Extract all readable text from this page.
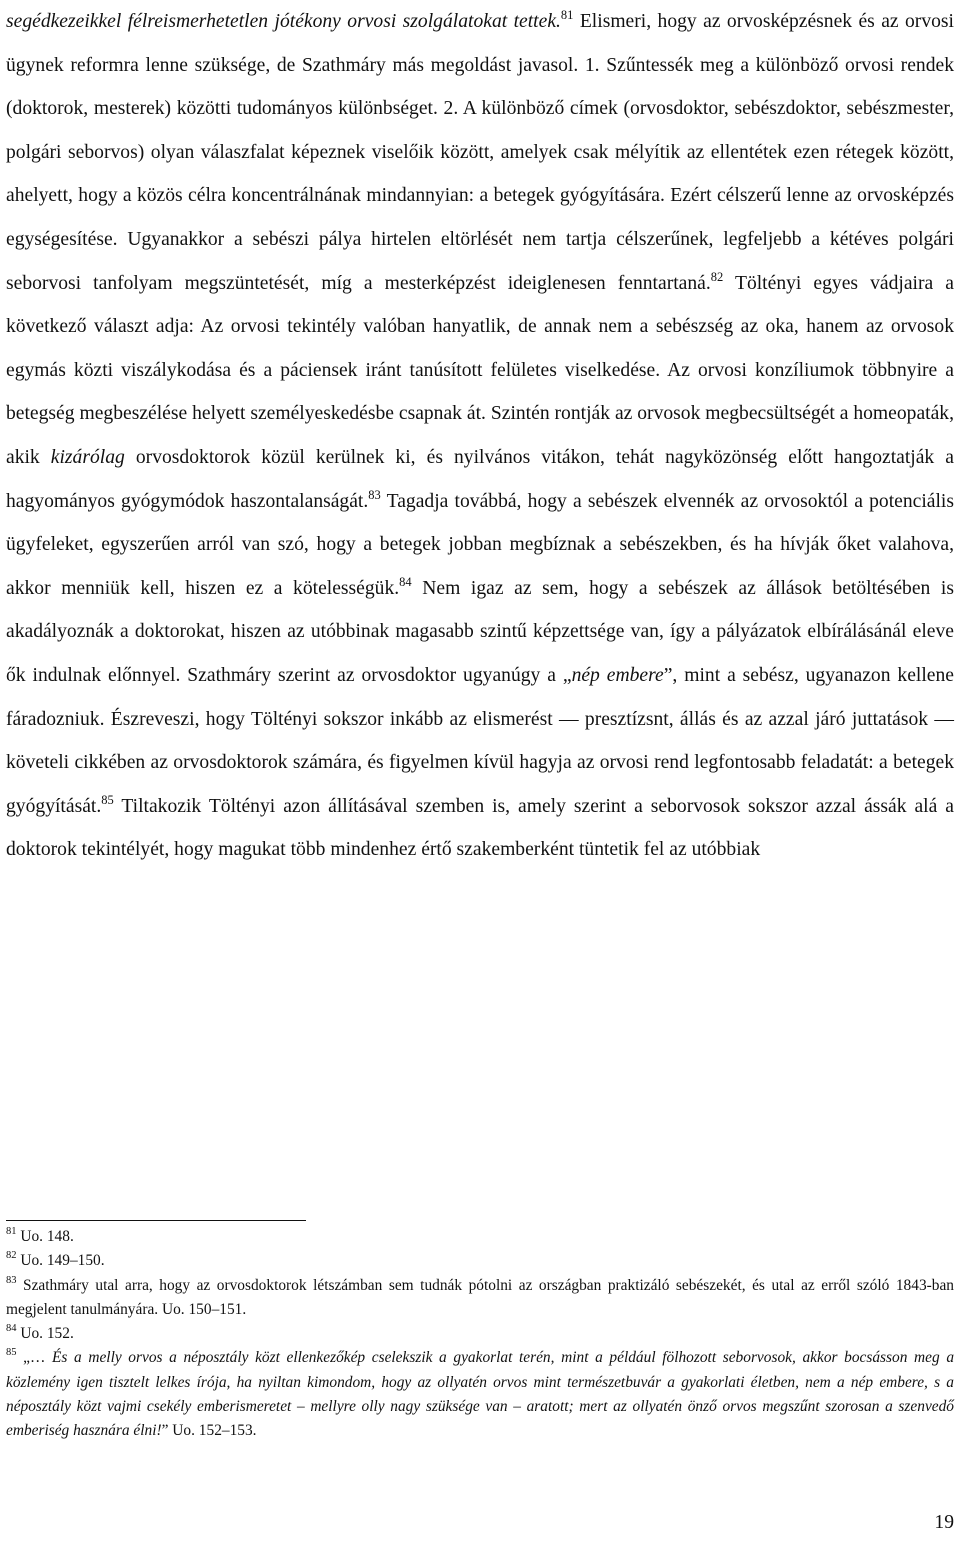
segédkezeikkel félreismerhetetlen jótékony orvosi szolgálatokat tettek.$^{81}$ Elismeri, hogy az orvosképzésnek és az orvosi ügynek reformra lenne szüksége, de Szathmáry más megoldást javasol. 1. Szűntessék meg a különböző orvosi rendek (doktorok, mesterek) közötti tudományos különbséget. 2. A különböző címek (orvosdoktor, sebészdoktor, sebészmester, polgári seborvos) olyan válaszfalat képeznek viselőik között, amelyek csak mélyítik az ellentétek ezen rétegek között, ahelyett, hogy a közös célra koncentrálnának mindannyian: a betegek gyógyítására. Ezért célszerű lenne az orvosképzés egységesítése. Ugyanakkor a sebészi pálya hirtelen eltörlését nem tartja célszerűnek, legfeljebb a kétéves polgári seborvosi tanfolyam megszüntetését, míg a mesterképzést ideiglenesen fenntartaná.$^{82}$ Töltényi egyes vádjaira a következő választ adja: Az orvosi tekintély valóban hanyatlik, de annak nem a sebészség az oka, hanem az orvosok egymás közti viszálykodása és a páciensek iránt tanúsított felületes viselkedése. Az orvosi konzíliumok többnyire a betegség megbeszélése helyett személyeskedésbe csapnak át. Szintén rontják az orvosok megbecsültségét a homeopaták, akik kizárólag orvosdoktorok közül kerülnek ki, és nyilvános vitákon, tehát nagyközönség előtt hangoztatják a hagyományos gyógymódok haszontalanságát.$^{83}$ Tagadja továbbá, hogy a sebészek elvennék az orvosoktól a potenciális ügyfeleket, egyszerűen arról van szó, hogy a betegek jobban megbíznak a sebészekben, és ha hívják őket valahova, akkor menniük kell, hiszen ez a kötelességük.$^{84}$ Nem igaz az sem, hogy a sebészek az állások betöltésében is akadályoznák a doktorokat, hiszen az utóbbinak magasabb szintű képzettsége van, így a pályázatok elbírálásánál eleve ők indulnak előnnyel. Szathmáry szerint az orvosdoktor ugyanúgy a „nép embere”, mint a sebész, ugyanazon kellene fáradozniuk. Észreveszi, hogy Töltényi sokszor inkább az elismerést — presztízsnt, állás és az azzal járó juttatások — követeli cikkében az orvosdoktorok számára, és figyelmen kívül hagyja az orvosi rend legfontosabb feladatát: a betegek gyógyítását.$^{85}$ Tiltakozik Töltényi azon állításával szemben is, amely szerint a seborvosok sokszor azzal ássák alá a doktorok tekintélyét, hogy magukat több mindenhez értő szakemberként tüntetik fel az utóbbiak

$^{81}$ Uo. 148.

$^{82}$ Uo. 149–150.

$^{83}$ Szathmáry utal arra, hogy az orvosdoktorok létszámban sem tudnák pótolni az országban praktizáló sebészekét, és utal az erről szóló 1843-ban megjelent tanulmányára. Uo. 150–151.

$^{84}$ Uo. 152.

$^{85}$ „… És a melly orvos a néposztály közt ellenkezőkép cselekszik a gyakorlat terén, mint a például fölhozott seborvosok, akkor bocsásson meg a közlemény igen tisztelt lelkes írója, ha nyiltan kimondom, hogy az ollyatén orvos mint természetbuvár a gyakorlati életben, nem a nép embere, s a néposztály közt vajmi csekély emberismeretet – mellyre olly nagy szüksége van – aratott; mert az ollyatén önző orvos megszűnt szorosan a szenvedő emberiség hasznára élni!” Uo. 152–153.

19
